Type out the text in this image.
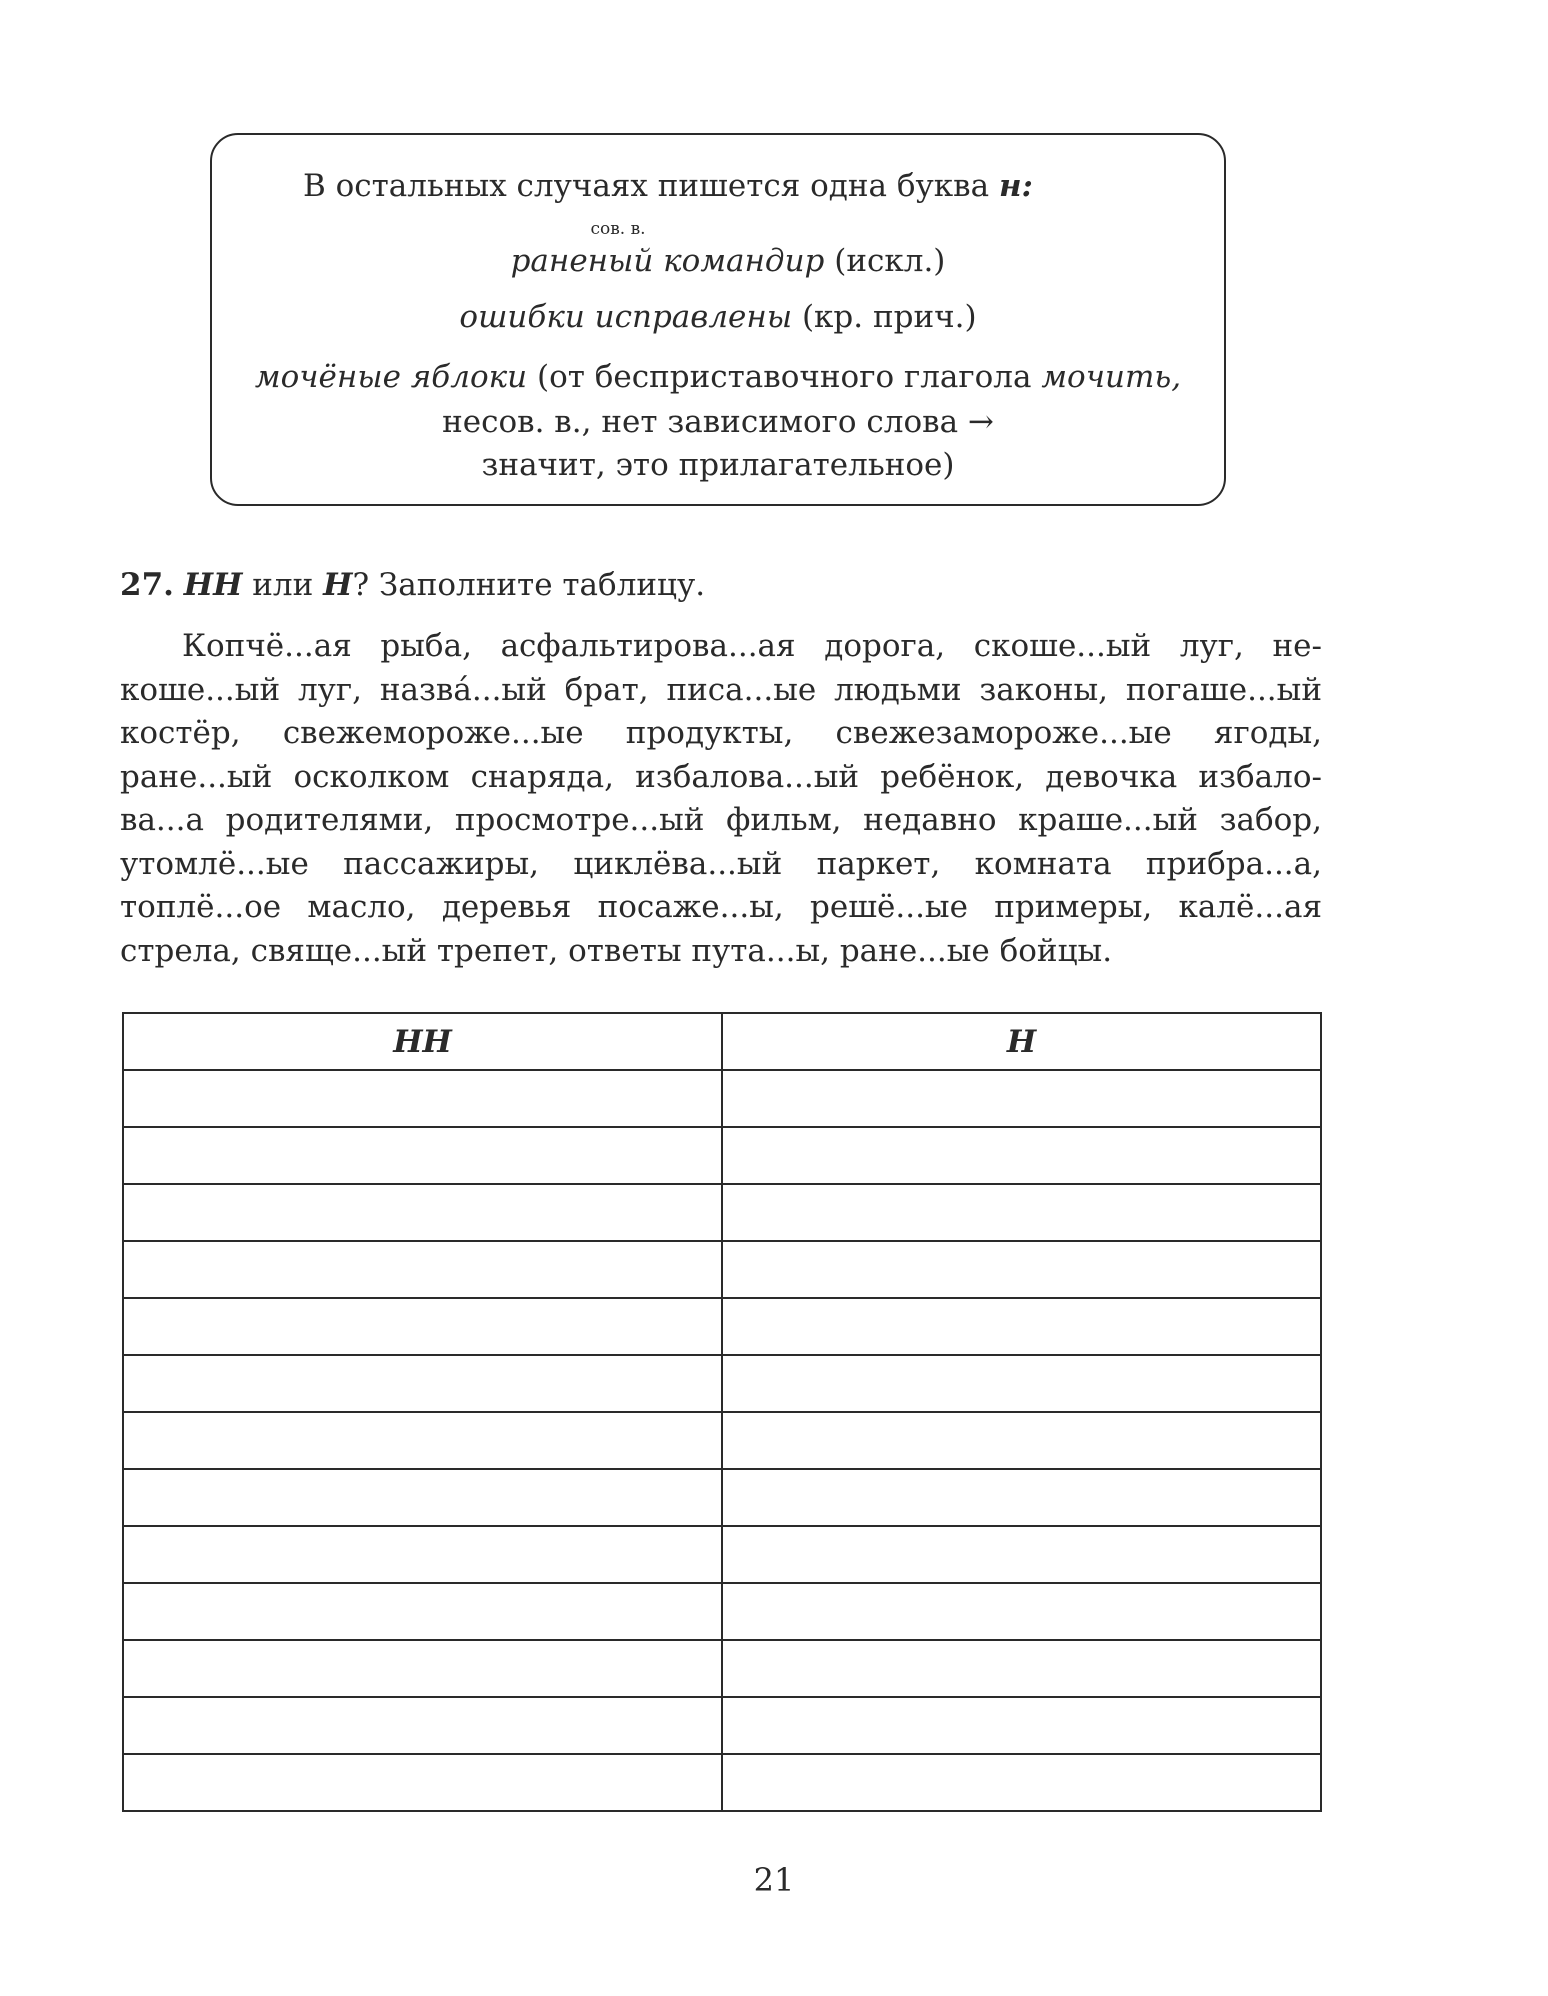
В остальных случаях пишется одна буква н:
сов. в.
раненый командир (искл.)
ошибки исправлены (кр. прич.)
мочёные яблоки (от бесприставочного глагола мочить,
несов. в., нет зависимого слова →
значит, это прилагательное)
27. НН или Н? Заполните таблицу.
Копчё...ая рыба, асфальтирова...ая дорога, скоше...ый луг, некоше...ый луг, назва́...ый брат, писа...ые людьми законы, погаше...ый костёр, свежеморожe...ые продукты, свежезаморожe...ые ягоды, ране...ый осколком снаряда, избалова...ый ребёнок, девочка избалова...а родителями, просмотре...ый фильм, недавно краше...ый забор, утомлё...ые пассажиры, циклёва...ый паркет, комната прибра...а, топлё...ое масло, деревья посаже...ы, решё...ые примеры, калё...ая стрела, свяще...ый трепет, ответы пута...ы, ране...ые бойцы.
НН	Н

21
